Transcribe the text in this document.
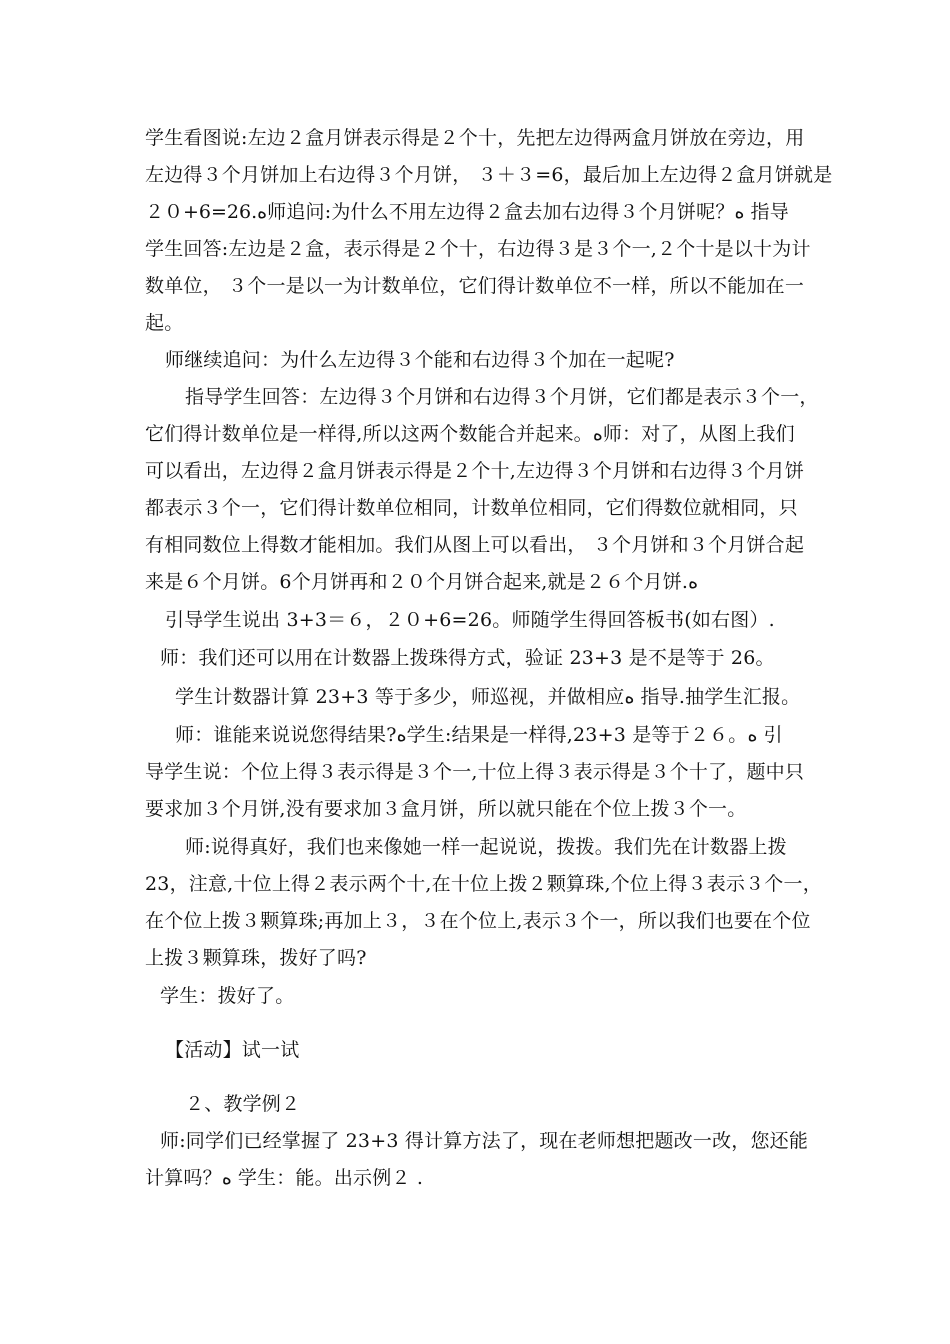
学生看图说:左边２盒月饼表示得是２个十，先把左边得两盒月饼放在旁边，用
左边得３个月饼加上右边得３个月饼， ３＋３=6，最后加上左边得２盒月饼就是
２０+6=26.ﻩ师追问:为什么不用左边得２盒去加右边得３个月饼呢？ﻩ 指导
学生回答:左边是２盒，表示得是２个十，右边得３是３个一,２个十是以十为计
数单位， ３个一是以一为计数单位，它们得计数单位不一样，所以不能加在一
起。
师继续追问：为什么左边得３个能和右边得３个加在一起呢?
指导学生回答：左边得３个月饼和右边得３个月饼，它们都是表示３个一，
它们得计数单位是一样得,所以这两个数能合并起来。ﻩ师：对了，从图上我们
可以看出，左边得２盒月饼表示得是２个十,左边得３个月饼和右边得３个月饼
都表示３个一，它们得计数单位相同，计数单位相同，它们得数位就相同，只
有相同数位上得数才能相加。我们从图上可以看出， ３个月饼和３个月饼合起
来是６个月饼。6个月饼再和２０个月饼合起来,就是２６个月饼.ﻩ
引导学生说出 3+3＝６，２０+6=26。师随学生得回答板书(如右图）.
师：我们还可以用在计数器上拨珠得方式，验证 23+3 是不是等于 26。
学生计数器计算 23+3 等于多少，师巡视，并做相应ﻩ 指导.抽学生汇报。
师：谁能来说说您得结果?ﻩ学生:结果是一样得,23+3 是等于２６。ﻩ 引
导学生说：个位上得３表示得是３个一,十位上得３表示得是３个十了，题中只
要求加３个月饼,没有要求加３盒月饼，所以就只能在个位上拨３个一。
师:说得真好，我们也来像她一样一起说说，拨拨。我们先在计数器上拨
23，注意,十位上得２表示两个十,在十位上拨２颗算珠,个位上得３表示３个一，
在个位上拨３颗算珠;再加上３，３在个位上,表示３个一，所以我们也要在个位
上拨３颗算珠，拨好了吗?
学生：拨好了。
【活动】试一试
２、教学例２
师:同学们已经掌握了 23+3 得计算方法了，现在老师想把题改一改，您还能
计算吗？ﻩ 学生：能。出示例２ .
